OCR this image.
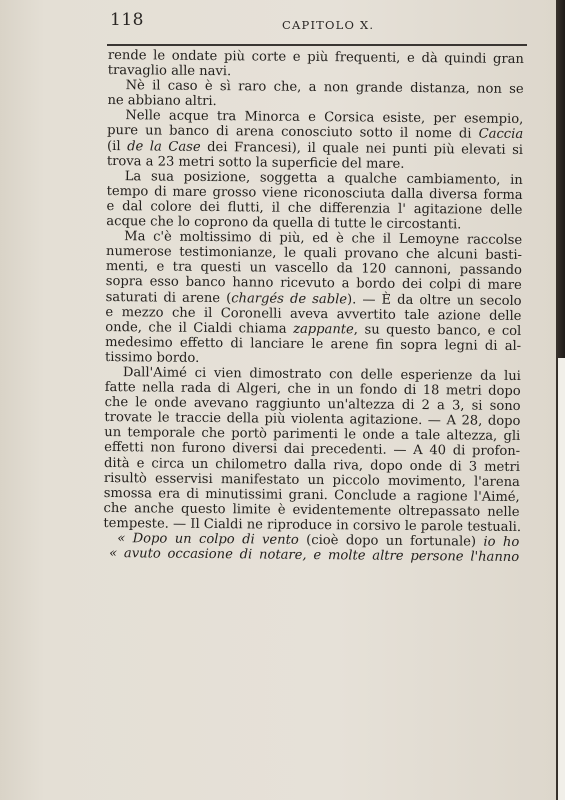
118	CAPITOLO X.
rende le ondate più corte e più frequenti, e dà quindi gran
travaglio alle navi.
Nè il caso è sì raro che, a non grande distanza, non se
ne abbiano altri.
Nelle acque tra Minorca e Corsica esiste, per esempio,
pure un banco di arena conosciuto sotto il nome di Caccia
(il de la Case dei Francesi), il quale nei punti più elevati si
trova a 23 metri sotto la superficie del mare.
La sua posizione, soggetta a qualche cambiamento, in
tempo di mare grosso viene riconosciuta dalla diversa forma
e dal colore dei flutti, il che differenzia l' agitazione delle
acque che lo coprono da quella di tutte le circostanti.
Ma c'è moltissimo di più, ed è che il Lemoyne raccolse
numerose testimonianze, le quali provano che alcuni basti-
menti, e tra questi un vascello da 120 cannoni, passando
sopra esso banco hanno ricevuto a bordo dei colpi di mare
saturati di arene (chargés de sable). — È da oltre un secolo
e mezzo che il Coronelli aveva avvertito tale azione delle
onde, che il Cialdi chiama zappante, su questo banco, e col
medesimo effetto di lanciare le arene fin sopra legni di al-
tissimo bordo.
Dall'Aimé ci vien dimostrato con delle esperienze da lui
fatte nella rada di Algeri, che in un fondo di 18 metri dopo
che le onde avevano raggiunto un'altezza di 2 a 3, si sono
trovate le traccie della più violenta agitazione. — A 28, dopo
un temporale che portò parimenti le onde a tale altezza, gli
effetti non furono diversi dai precedenti. — A 40 di profon-
dità e circa un chilometro dalla riva, dopo onde di 3 metri
risultò esservisi manifestato un piccolo movimento, l'arena
smossa era di minutissimi grani. Conclude a ragione l'Aimé,
che anche questo limite è evidentemente oltrepassato nelle
tempeste. — Il Cialdi ne riproduce in corsivo le parole testuali.
« Dopo un colpo di vento (cioè dopo un fortunale) io ho
« avuto occasione di notare, e molte altre persone l'hanno
